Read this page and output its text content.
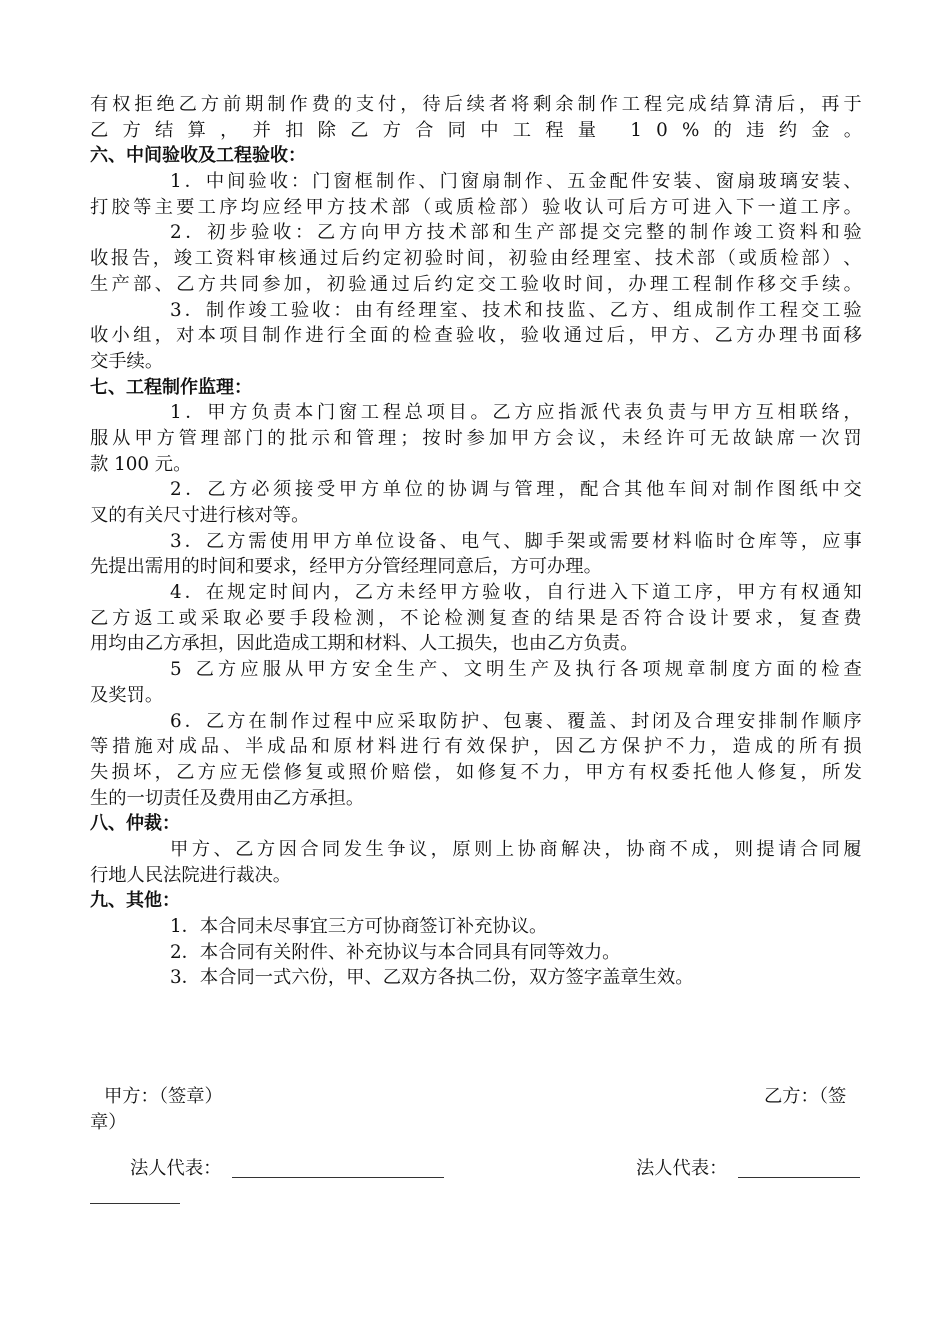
有 权 拒 绝 乙 方 前 期 制 作 费 的 支 付 ， 待 后 续 者 将 剩 余 制 作 工 程 完 成 结 算 清 后 ， 再 于
乙 方 结 算 ， 并 扣 除 乙 方 合 同 中 工 程 量
1 0 % 的 违 约 金 。
六、中间验收及工程验收：
1 ． 中 间 验 收 ： 门 窗 框 制 作 、 门 窗 扇 制 作 、 五 金 配 件 安 装 、 窗 扇 玻 璃 安 装 、
打 胶 等 主 要 工 序 均 应 经 甲 方 技 术 部 （ 或 质 检 部 ） 验 收 认 可 后 方 可 进 入 下 一 道 工 序 。
2 ． 初 步 验 收 ： 乙 方 向 甲 方 技 术 部 和 生 产 部 提 交 完 整 的 制 作 竣 工 资 料 和 验
收 报 告 ， 竣 工 资 料 审 核 通 过 后 约 定 初 验 时 间 ， 初 验 由 经 理 室 、 技 术 部 （ 或 质 检 部 ） 、
生 产 部 、 乙 方 共 同 参 加 ， 初 验 通 过 后 约 定 交 工 验 收 时 间 ， 办 理 工 程 制 作 移 交 手 续 。
3 ． 制 作 竣 工 验 收 ： 由 有 经 理 室 、 技 术 和 技 监 、 乙 方 、 组 成 制 作 工 程 交 工 验
收 小 组 ， 对 本 项 目 制 作 进 行 全 面 的 检 查 验 收 ， 验 收 通 过 后 ， 甲 方 、 乙 方 办 理 书 面 移
交手续。
七、工程制作监理：
1 ． 甲 方 负 责 本 门 窗 工 程 总 项 目 。 乙 方 应 指 派 代 表 负 责 与 甲 方 互 相 联 络 ，
服 从 甲 方 管 理 部 门 的 批 示 和 管 理 ； 按 时 参 加 甲 方 会 议 ， 未 经 许 可 无 故 缺 席 一 次 罚
款 100 元。
2 ． 乙 方 必 须 接 受 甲 方 单 位 的 协 调 与 管 理 ， 配 合 其 他 车 间 对 制 作 图 纸 中 交
叉的有关尺寸进行核对等。
3 ． 乙 方 需 使 用 甲 方 单 位 设 备 、 电 气 、 脚 手 架 或 需 要 材 料 临 时 仓 库 等 ， 应 事
先提出需用的时间和要求，经甲方分管经理同意后，方可办理。
4 ． 在 规 定 时 间 内 ， 乙 方 未 经 甲 方 验 收 ， 自 行 进 入 下 道 工 序 ， 甲 方 有 权 通 知
乙 方 返 工 或 采 取 必 要 手 段 检 测 ， 不 论 检 测 复 查 的 结 果 是 否 符 合 设 计 要 求 ， 复 查 费
用均由乙方承担，因此造成工期和材料、人工损失，也由乙方负责。
5
乙 方 应 服 从 甲 方 安 全 生 产 、 文 明 生 产 及 执 行 各 项 规 章 制 度 方 面 的 检 查
及奖罚。
6 ． 乙 方 在 制 作 过 程 中 应 采 取 防 护 、 包 裹 、 覆 盖 、 封 闭 及 合 理 安 排 制 作 顺 序
等 措 施 对 成 品 、 半 成 品 和 原 材 料 进 行 有 效 保 护 ， 因 乙 方 保 护 不 力 ， 造 成 的 所 有 损
失 损 坏 ， 乙 方 应 无 偿 修 复 或 照 价 赔 偿 ， 如 修 复 不 力 ， 甲 方 有 权 委 托 他 人 修 复 ， 所 发
生的一切责任及费用由乙方承担。
八、仲裁：
甲 方 、 乙 方 因 合 同 发 生 争 议 ， 原 则 上 协 商 解 决 ， 协 商 不 成 ， 则 提 请 合 同 履
行地人民法院进行裁决。
九、其他：
1．本合同未尽事宜三方可协商签订补充协议。
2．本合同有关附件、补充协议与本合同具有同等效力。
3．本合同一式六份，甲、乙双方各执二份，双方签字盖章生效。
甲方：（签章）	乙方：（签
章）
法人代表：	法人代表：
